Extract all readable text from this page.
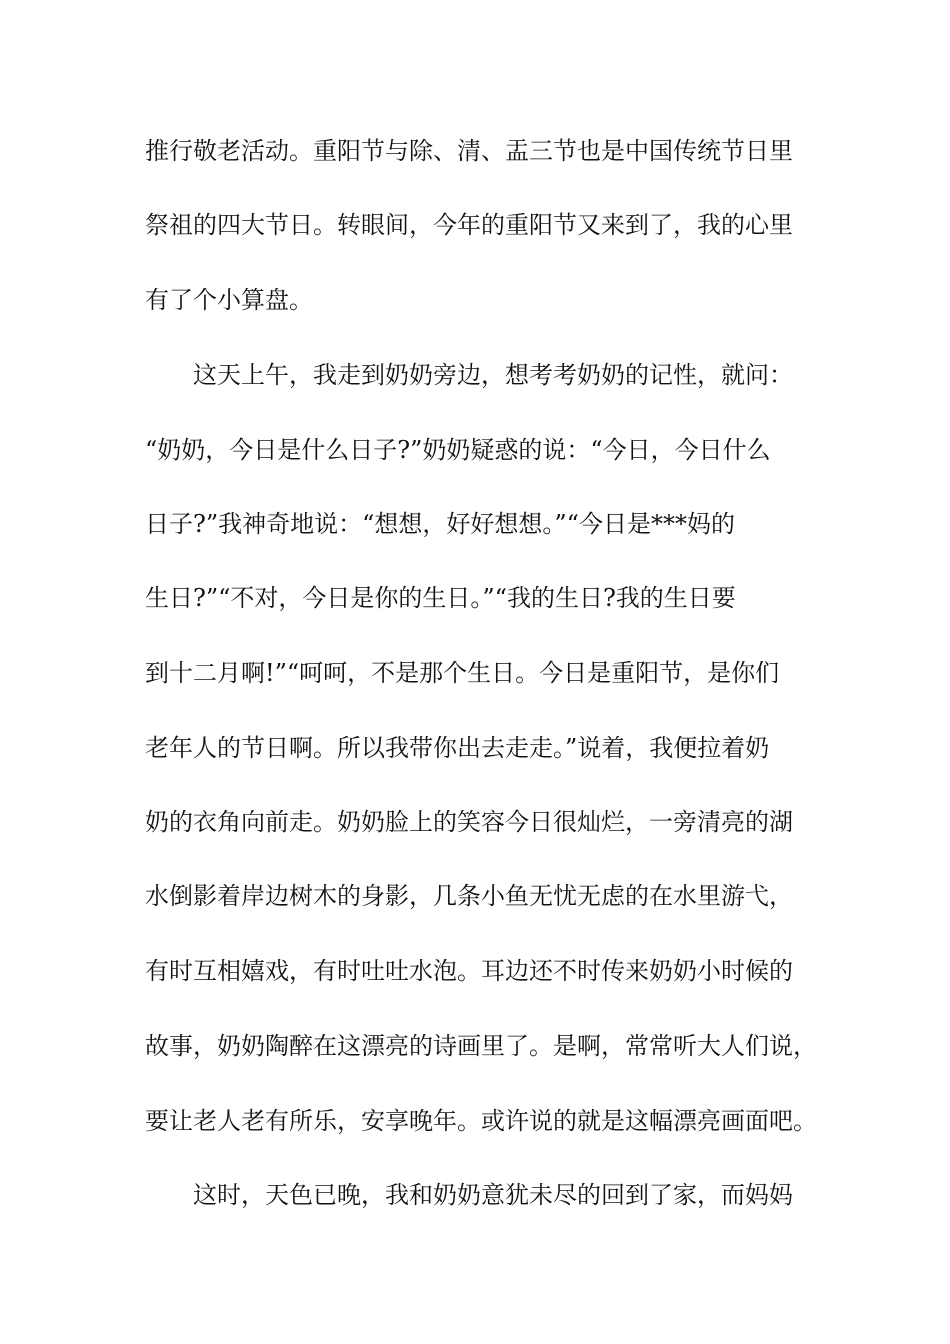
推行敬老活动。重阳节与除、清、盂三节也是中国传统节日里
祭祖的四大节日。转眼间，今年的重阳节又来到了，我的心里
有了个小算盘。
这天上午，我走到奶奶旁边，想考考奶奶的记性，就问：
“奶奶，今日是什么日子?”奶奶疑惑的说：“今日，今日什么
日子?”我神奇地说：“想想，好好想想。”“今日是***妈的
生日?”“不对，今日是你的生日。”“我的生日?我的生日要
到十二月啊!”“呵呵，不是那个生日。今日是重阳节，是你们
老年人的节日啊。所以我带你出去走走。”说着，我便拉着奶
奶的衣角向前走。奶奶脸上的笑容今日很灿烂，一旁清亮的湖
水倒影着岸边树木的身影，几条小鱼无忧无虑的在水里游弋，
有时互相嬉戏，有时吐吐水泡。耳边还不时传来奶奶小时候的
故事，奶奶陶醉在这漂亮的诗画里了。是啊，常常听大人们说，
要让老人老有所乐，安享晚年。或许说的就是这幅漂亮画面吧。
这时，天色已晚，我和奶奶意犹未尽的回到了家，而妈妈
